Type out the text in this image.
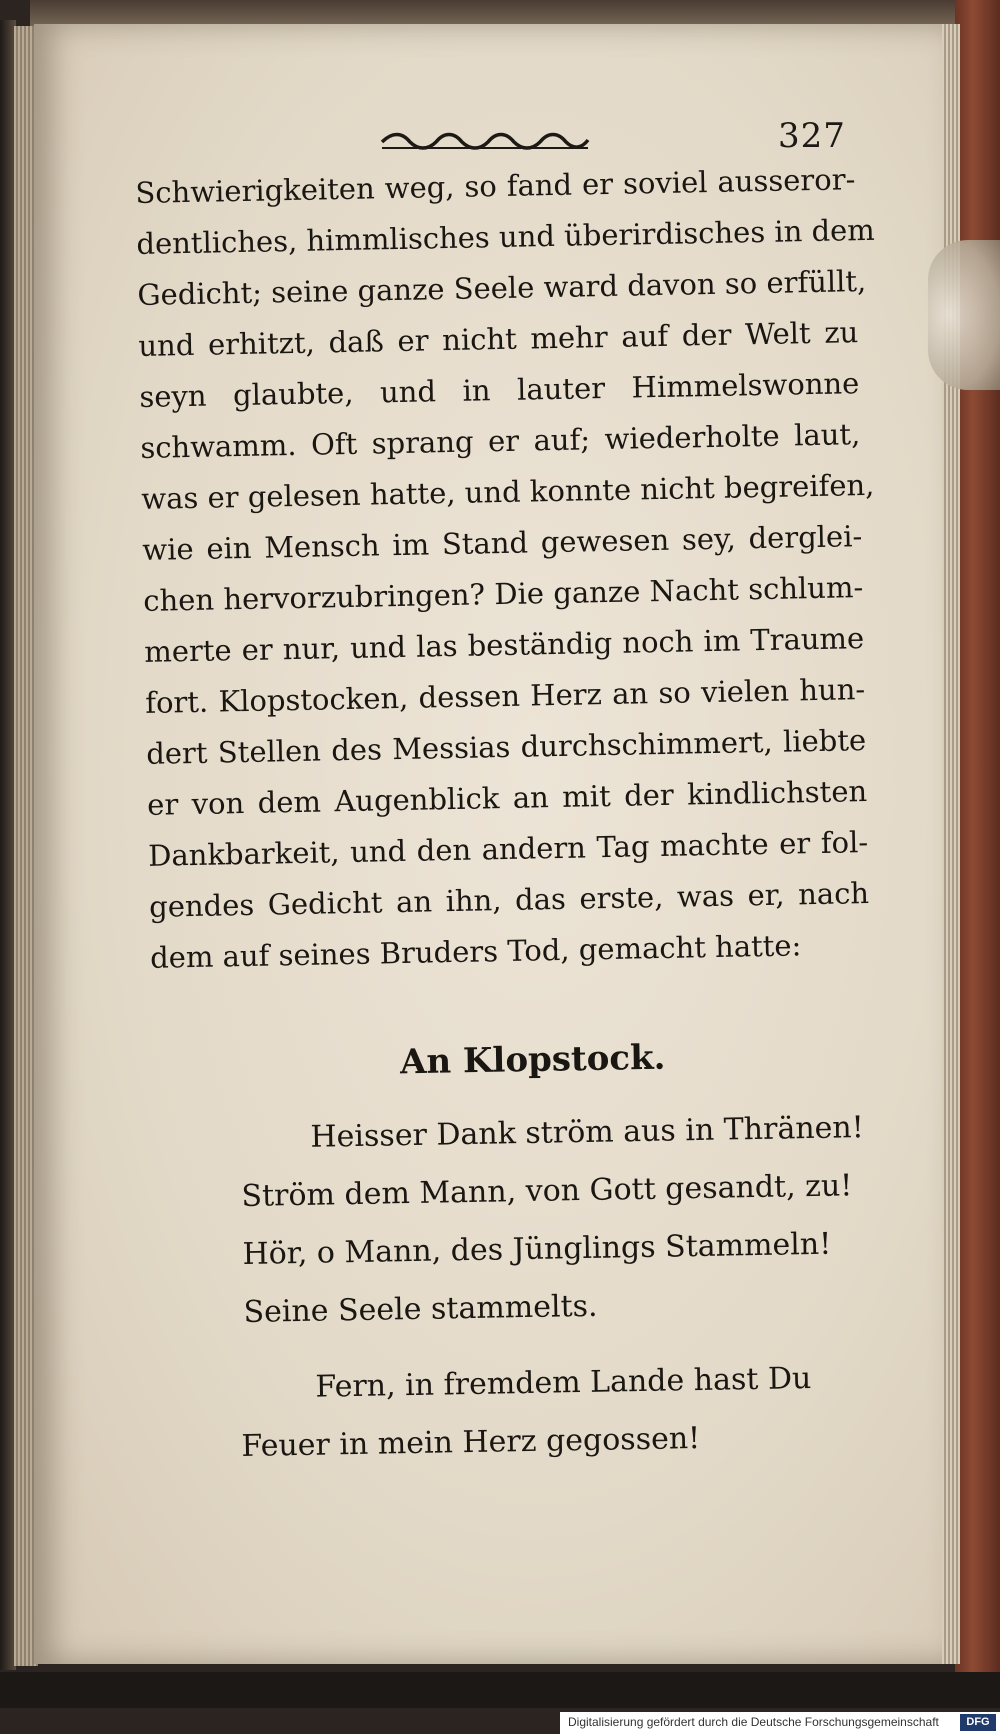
327
Schwierigkeiten weg, so fand er soviel ausseror-
dentliches, himmlisches und überirdisches in dem
Gedicht; seine ganze Seele ward davon so erfüllt,
und erhitzt, daß er nicht mehr auf der Welt zu
seyn glaubte, und in lauter Himmelswonne
schwamm. Oft sprang er auf; wiederholte laut,
was er gelesen hatte, und konnte nicht begreifen,
wie ein Mensch im Stand gewesen sey, derglei-
chen hervorzubringen? Die ganze Nacht schlum-
merte er nur, und las beständig noch im Traume
fort. Klopstocken, dessen Herz an so vielen hun-
dert Stellen des Messias durchschimmert, liebte
er von dem Augenblick an mit der kindlichsten
Dankbarkeit, und den andern Tag machte er fol-
gendes Gedicht an ihn, das erste, was er, nach
dem auf seines Bruders Tod, gemacht hatte:
An Klopstock.
Heisser Dank ström aus in Thränen!
Ström dem Mann, von Gott gesandt, zu!
Hör, o Mann, des Jünglings Stammeln!
Seine Seele stammelts.
Fern, in fremdem Lande hast Du
Feuer in mein Herz gegossen!
Digitalisierung gefördert durch die Deutsche Forschungsgemeinschaft	DFG
